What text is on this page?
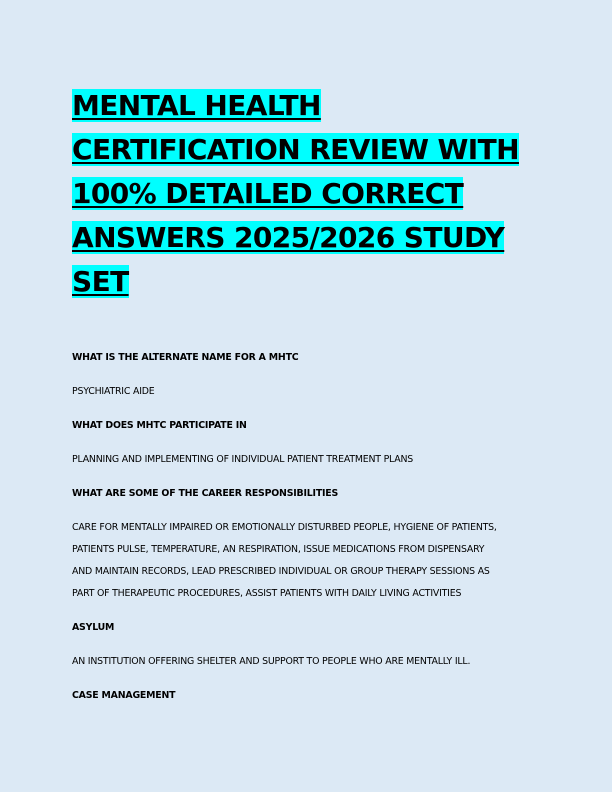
MENTAL HEALTH
CERTIFICATION REVIEW WITH
100% DETAILED CORRECT
ANSWERS 2025/2026 STUDY
SET
WHAT IS THE ALTERNATE NAME FOR A MHTC
PSYCHIATRIC AIDE
WHAT DOES MHTC PARTICIPATE IN
PLANNING AND IMPLEMENTING OF INDIVIDUAL PATIENT TREATMENT PLANS
WHAT ARE SOME OF THE CAREER RESPONSIBILITIES
CARE FOR MENTALLY IMPAIRED OR EMOTIONALLY DISTURBED PEOPLE, HYGIENE OF PATIENTS,
PATIENTS PULSE, TEMPERATURE, AN RESPIRATION, ISSUE MEDICATIONS FROM DISPENSARY
AND MAINTAIN RECORDS, LEAD PRESCRIBED INDIVIDUAL OR GROUP THERAPY SESSIONS AS
PART OF THERAPEUTIC PROCEDURES, ASSIST PATIENTS WITH DAILY LIVING ACTIVITIES
ASYLUM
AN INSTITUTION OFFERING SHELTER AND SUPPORT TO PEOPLE WHO ARE MENTALLY ILL.
CASE MANAGEMENT
